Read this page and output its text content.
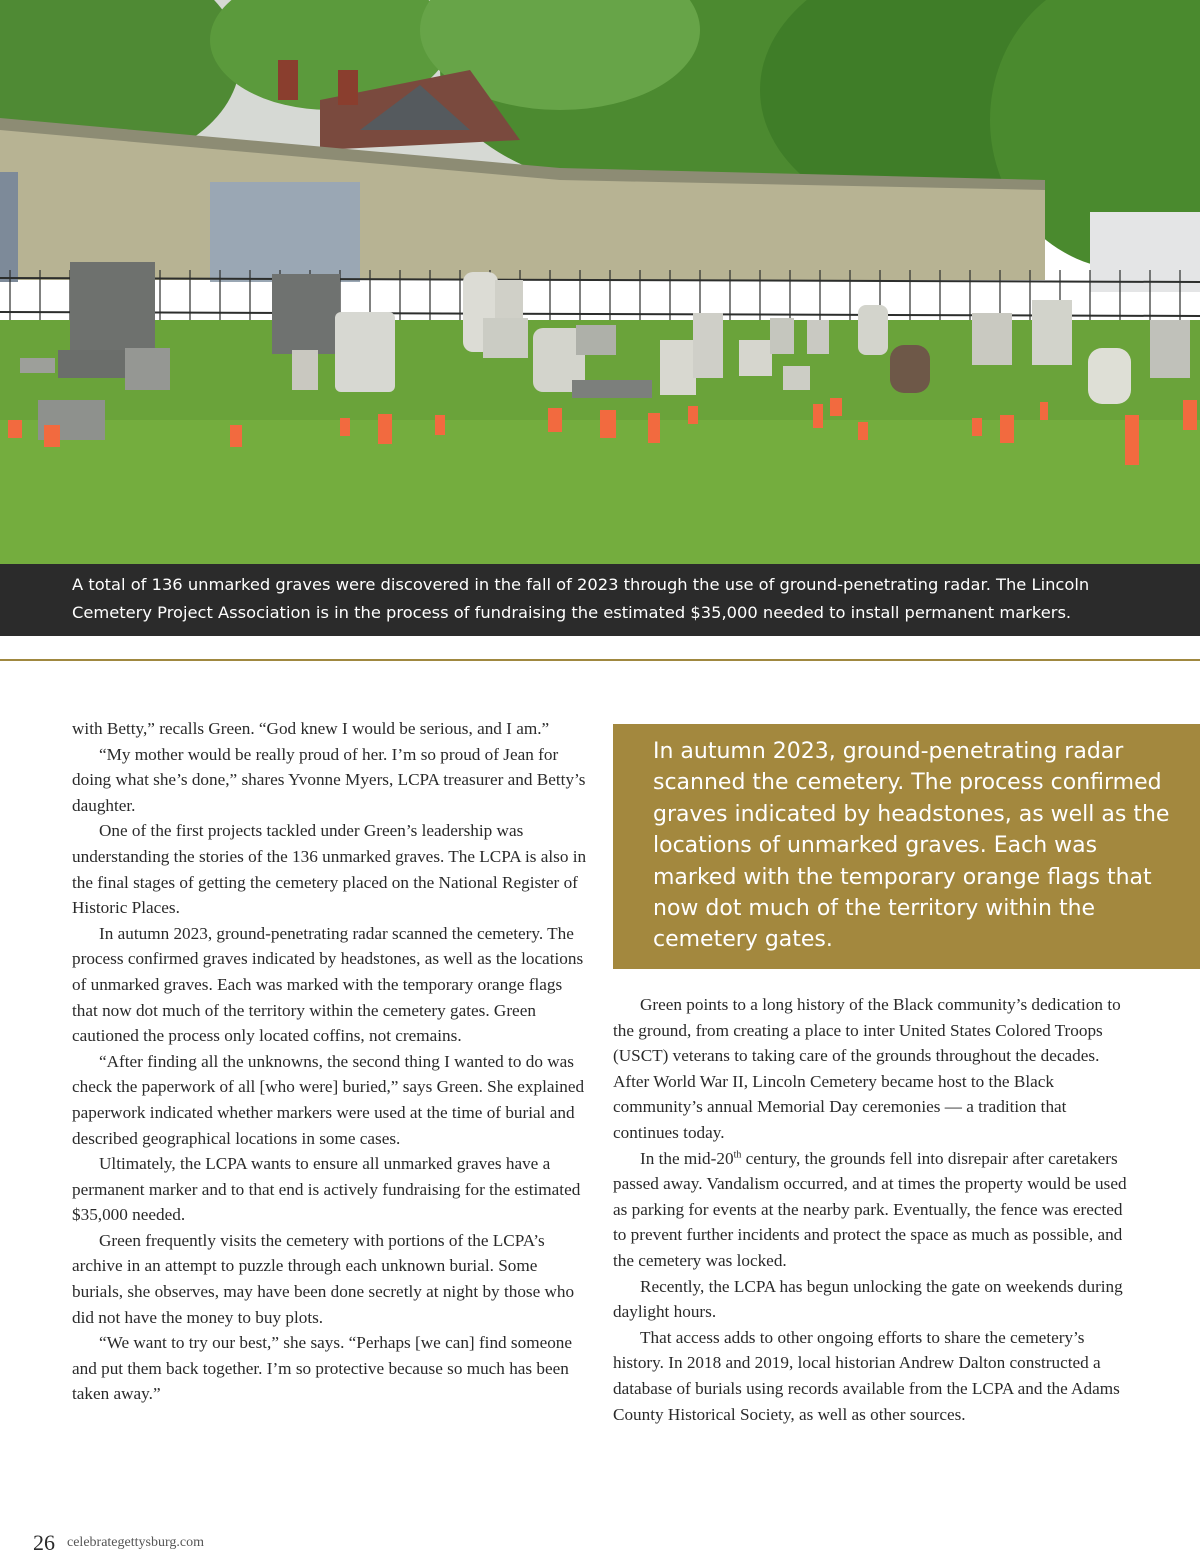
A total of 136 unmarked graves were discovered in the fall of 2023 through the use of ground-penetrating radar. The Lincoln

Cemetery Project Association is in the process of fundraising the estimated $35,000 needed to install permanent markers.

with Betty,” recalls Green. “God knew I would be serious, and I am.”

“My mother would be really proud of her. I’m so proud of Jean for doing what she’s done,” shares Yvonne Myers, LCPA treasurer and Betty’s daughter.

One of the first projects tackled under Green’s leadership was understanding the stories of the 136 unmarked graves. The LCPA is also in the final stages of getting the cemetery placed on the National Register of Historic Places.

In autumn 2023, ground-penetrating radar scanned the cemetery. The process confirmed graves indicated by headstones, as well as the locations of unmarked graves. Each was marked with the temporary orange flags that now dot much of the territory within the cemetery gates. Green cautioned the process only located coffins, not cremains.

“After finding all the unknowns, the second thing I wanted to do was check the paperwork of all [who were] buried,” says Green. She explained paperwork indicated whether markers were used at the time of burial and described geographical locations in some cases.

Ultimately, the LCPA wants to ensure all unmarked graves have a permanent marker and to that end is actively fundraising for the estimated $35,000 needed.

Green frequently visits the cemetery with portions of the LCPA’s archive in an attempt to puzzle through each unknown burial. Some burials, she observes, may have been done secretly at night by those who did not have the money to buy plots.

“We want to try our best,” she says. “Perhaps [we can] find someone and put them back together. I’m so protective because so much has been taken away.”

In autumn 2023, ground-penetrating radar scanned the cemetery. The process confirmed graves indicated by headstones, as well as the locations of unmarked graves. Each was marked with the temporary orange flags that now dot much of the territory within the cemetery gates.

Green points to a long history of the Black community’s dedication to the ground, from creating a place to inter United States Colored Troops (USCT) veterans to taking care of the grounds throughout the decades. After World War II, Lincoln Cemetery became host to the Black community’s annual Memorial Day ceremonies — a tradition that continues today.

In the mid-20th century, the grounds fell into disrepair after caretakers passed away. Vandalism occurred, and at times the property would be used as parking for events at the nearby park. Eventually, the fence was erected to prevent further incidents and protect the space as much as possible, and the cemetery was locked.

Recently, the LCPA has begun unlocking the gate on weekends during daylight hours.

That access adds to other ongoing efforts to share the cemetery’s history. In 2018 and 2019, local historian Andrew Dalton constructed a database of burials using records available from the LCPA and the Adams County Historical Society, as well as other sources.

26 celebrategettysburg.com
